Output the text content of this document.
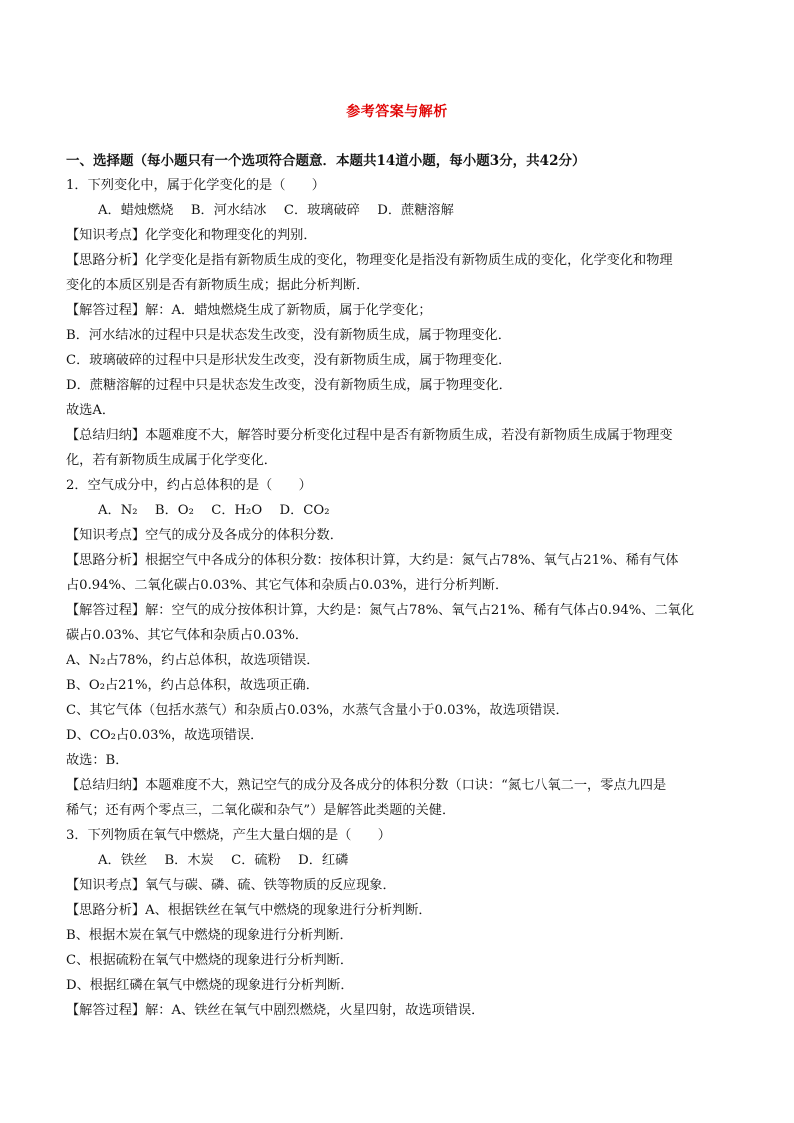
参考答案与解析
一、选择题（每小题只有一个选项符合题意．本题共14道小题，每小题3分，共42分）
1．下列变化中，属于化学变化的是（　　）
A．蜡烛燃烧　 B．河水结冰　 C．玻璃破碎　 D．蔗糖溶解
【知识考点】化学变化和物理变化的判别．
【思路分析】化学变化是指有新物质生成的变化，物理变化是指没有新物质生成的变化，化学变化和物理
变化的本质区别是否有新物质生成；据此分析判断．
【解答过程】解：A．蜡烛燃烧生成了新物质，属于化学变化；
B．河水结冰的过程中只是状态发生改变，没有新物质生成，属于物理变化．
C．玻璃破碎的过程中只是形状发生改变，没有新物质生成，属于物理变化．
D．蔗糖溶解的过程中只是状态发生改变，没有新物质生成，属于物理变化．
故选A．
【总结归纳】本题难度不大，解答时要分析变化过程中是否有新物质生成，若没有新物质生成属于物理变
化，若有新物质生成属于化学变化．
2．空气成分中，约占总体积的是（　　）
A．N₂　 B．O₂　 C．H₂O　 D．CO₂
【知识考点】空气的成分及各成分的体积分数．
【思路分析】根据空气中各成分的体积分数：按体积计算，大约是：氮气占78%、氧气占21%、稀有气体
占0.94%、二氧化碳占0.03%、其它气体和杂质占0.03%，进行分析判断．
【解答过程】解：空气的成分按体积计算，大约是：氮气占78%、氧气占21%、稀有气体占0.94%、二氧化
碳占0.03%、其它气体和杂质占0.03%．
A、N₂占78%，约占总体积，故选项错误．
B、O₂占21%，约占总体积，故选项正确．
C、其它气体（包括水蒸气）和杂质占0.03%，水蒸气含量小于0.03%，故选项错误．
D、CO₂占0.03%，故选项错误．
故选：B．
【总结归纳】本题难度不大，熟记空气的成分及各成分的体积分数（口诀：“氮七八氧二一，零点九四是
稀气；还有两个零点三，二氧化碳和杂气”）是解答此类题的关健．
3．下列物质在氧气中燃烧，产生大量白烟的是（　　）
A．铁丝　 B．木炭　 C．硫粉　 D．红磷
【知识考点】氧气与碳、磷、硫、铁等物质的反应现象．
【思路分析】A、根据铁丝在氧气中燃烧的现象进行分析判断．
B、根据木炭在氧气中燃烧的现象进行分析判断．
C、根据硫粉在氧气中燃烧的现象进行分析判断．
D、根据红磷在氧气中燃烧的现象进行分析判断．
【解答过程】解：A、铁丝在氧气中剧烈燃烧，火星四射，故选项错误．
